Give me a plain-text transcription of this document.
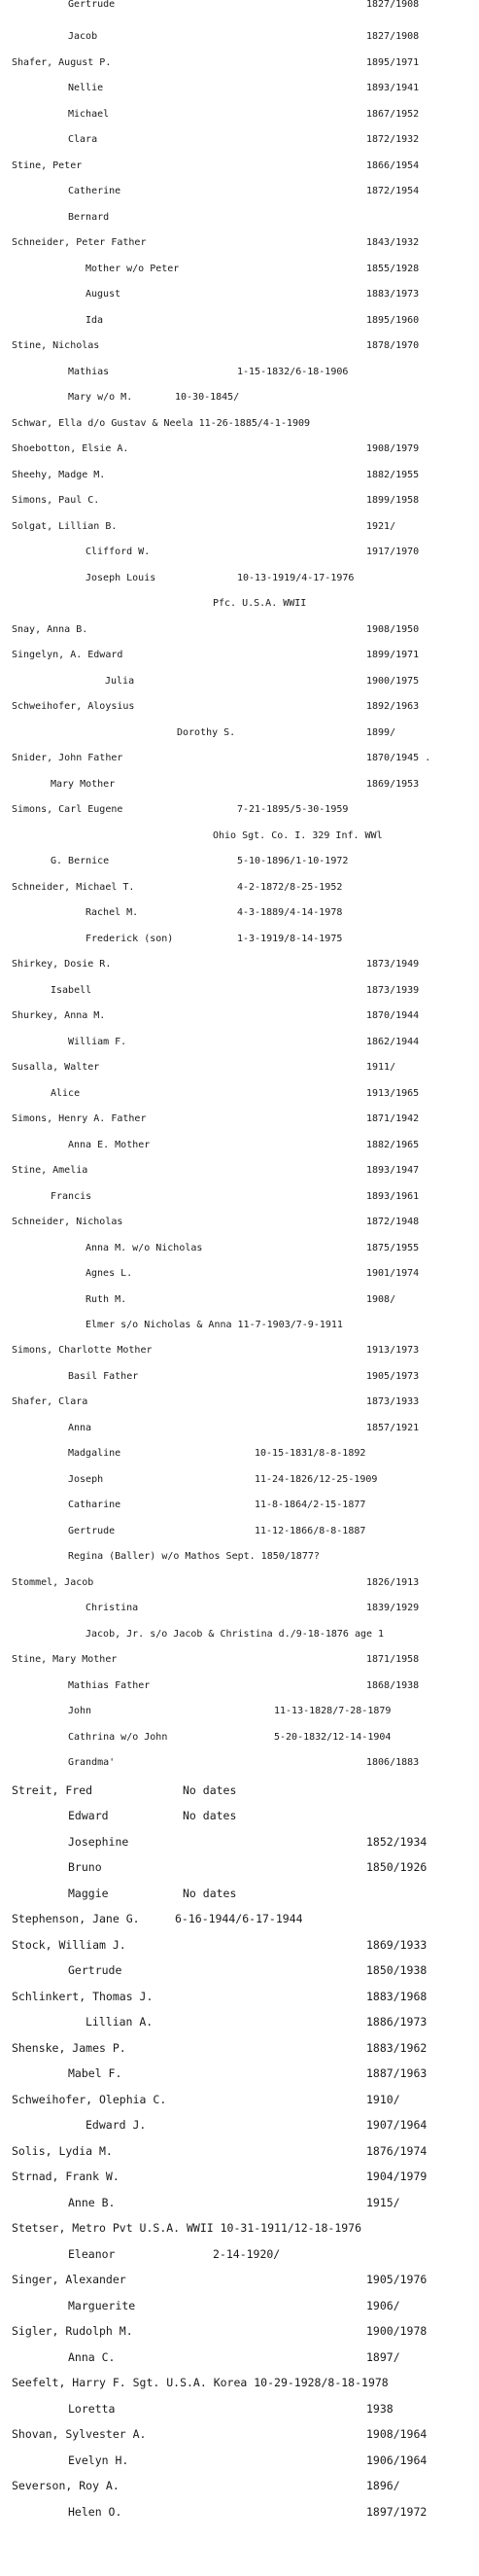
Gertrude	1827/1908
Jacob	1827/1908
Shafer, August P.	1895/1971
Nellie	1893/1941
Michael	1867/1952
Clara	1872/1932
Stine, Peter	1866/1954
Catherine	1872/1954
Bernard
Schneider, Peter Father	1843/1932
Mother w/o Peter	1855/1928
August	1883/1973
Ida	1895/1960
Stine, Nicholas	1878/1970
Mathias	1-15-1832/6-18-1906
Mary w/o M.	10-30-1845/
Schwar, Ella d/o Gustav & Neela 11-26-1885/4-1-1909
Shoebotton, Elsie A.	1908/1979
Sheehy, Madge M.	1882/1955
Simons, Paul C.	1899/1958
Solgat, Lillian B.	1921/
Clifford W.	1917/1970
Joseph Louis	10-13-1919/4-17-1976
Pfc. U.S.A. WWII
Snay, Anna B.	1908/1950
Singelyn, A. Edward	1899/1971
Julia	1900/1975
Schweihofer, Aloysius	1892/1963
Dorothy S.	1899/
Snider, John Father	1870/1945 .
Mary Mother	1869/1953
Simons, Carl Eugene	7-21-1895/5-30-1959
Ohio Sgt. Co. I. 329 Inf. WWl
G. Bernice	5-10-1896/1-10-1972
Schneider, Michael T.	4-2-1872/8-25-1952
Rachel M.	4-3-1889/4-14-1978
Frederick (son)	1-3-1919/8-14-1975
Shirkey, Dosie R.	1873/1949
Isabell	1873/1939
Shurkey, Anna M.	1870/1944
William F.	1862/1944
Susalla, Walter	1911/
Alice	1913/1965
Simons, Henry A. Father	1871/1942
Anna E. Mother	1882/1965
Stine, Amelia	1893/1947
Francis	1893/1961
Schneider, Nicholas	1872/1948
Anna M. w/o Nicholas	1875/1955
Agnes L.	1901/1974
Ruth M.	1908/
Elmer s/o Nicholas & Anna 11-7-1903/7-9-1911
Simons, Charlotte Mother	1913/1973
Basil Father	1905/1973
Shafer, Clara	1873/1933
Anna	1857/1921
Madgaline	10-15-1831/8-8-1892
Joseph	11-24-1826/12-25-1909
Catharine	11-8-1864/2-15-1877
Gertrude	11-12-1866/8-8-1887
Regina (Baller) w/o Mathos Sept. 1850/1877?
Stommel, Jacob	1826/1913
Christina	1839/1929
Jacob, Jr. s/o Jacob & Christina d./9-18-1876 age 1
Stine, Mary Mother	1871/1958
Mathias Father	1868/1938
John	11-13-1828/7-28-1879
Cathrina w/o John	5-20-1832/12-14-1904
Grandma'	1806/1883
Streit, Fred	No dates
Edward	No dates
Josephine	1852/1934
Bruno	1850/1926
Maggie	No dates
Stephenson, Jane G.	6-16-1944/6-17-1944
Stock, William J.	1869/1933
Gertrude	1850/1938
Schlinkert, Thomas J.	1883/1968
Lillian A.	1886/1973
Shenske, James P.	1883/1962
Mabel F.	1887/1963
Schweihofer, Olephia C.	1910/
Edward J.	1907/1964
Solis, Lydia M.	1876/1974
Strnad, Frank W.	1904/1979
Anne B.	1915/
Stetser, Metro Pvt U.S.A. WWII 10-31-1911/12-18-1976
Eleanor	2-14-1920/
Singer, Alexander	1905/1976
Marguerite	1906/
Sigler, Rudolph M.	1900/1978
Anna C.	1897/
Seefelt, Harry F. Sgt. U.S.A. Korea 10-29-1928/8-18-1978
Loretta	1938
Shovan, Sylvester A.	1908/1964
Evelyn H.	1906/1964
Severson, Roy A.	1896/
Helen O.	1897/1972
